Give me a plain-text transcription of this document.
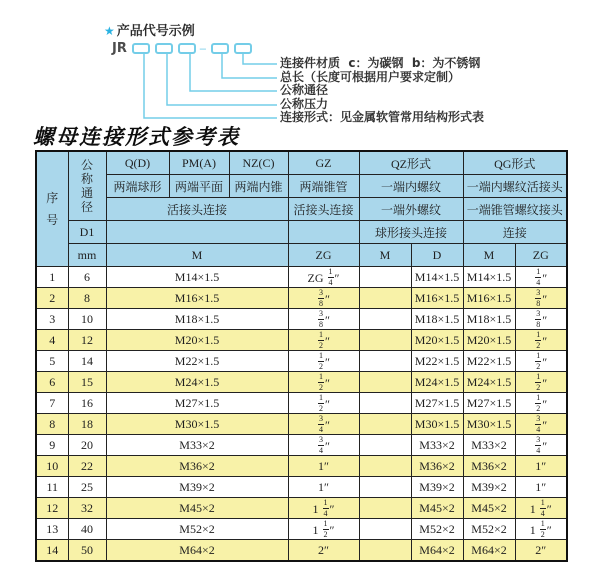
★ 产品代号示例
JR	–
连接件材质  c：为碳钢  b：为不锈钢
总长（长度可根据用户要求定制）
公称通径
公称压力
连接形式：见金属软管常用结构形式表
螺母连接形式参考表
序
号	公
称
通
径	Q(D)	PM(A)	NZ(C)	GZ	QZ形式		QG形式	
		两端球形	两端平面	两端内锥	两端锥管	一端内螺纹		一端内螺纹活接头	
		活接头连接			活接头连接	一端外螺纹		一端锥管螺纹接头	
	D1					球形接头连接		连接	
	mm	M			ZG	M	D	M	ZG
1	6	M14×1.5			ZG $\frac{1}{4}$ ″		M14×1.5	M14×1.5	$\frac{1}{4}$ ″
2	8	M16×1.5			$\frac{3}{8}$ ″		M16×1.5	M16×1.5	$\frac{3}{8}$ ″
3	10	M18×1.5			$\frac{3}{8}$ ″		M18×1.5	M18×1.5	$\frac{3}{8}$ ″
4	12	M20×1.5			$\frac{1}{2}$ ″		M20×1.5	M20×1.5	$\frac{1}{2}$ ″
5	14	M22×1.5			$\frac{1}{2}$ ″		M22×1.5	M22×1.5	$\frac{1}{2}$ ″
6	15	M24×1.5			$\frac{1}{2}$ ″		M24×1.5	M24×1.5	$\frac{1}{2}$ ″
7	16	M27×1.5			$\frac{1}{2}$ ″		M27×1.5	M27×1.5	$\frac{1}{2}$ ″
8	18	M30×1.5			$\frac{3}{4}$ ″		M30×1.5	M30×1.5	$\frac{3}{4}$ ″
9	20	M33×2			$\frac{3}{4}$ ″		M33×2	M33×2	$\frac{3}{4}$ ″
10	22	M36×2			1″		M36×2	M36×2	1″
11	25	M39×2			1″		M39×2	M39×2	1″
12	32	M45×2			$1 \frac{1}{4}$ ″		M45×2	M45×2	$1 \frac{1}{4}$ ″
13	40	M52×2			$1 \frac{1}{2}$ ″		M52×2	M52×2	$1 \frac{1}{2}$ ″
14	50	M64×2			2″		M64×2	M64×2	2″
